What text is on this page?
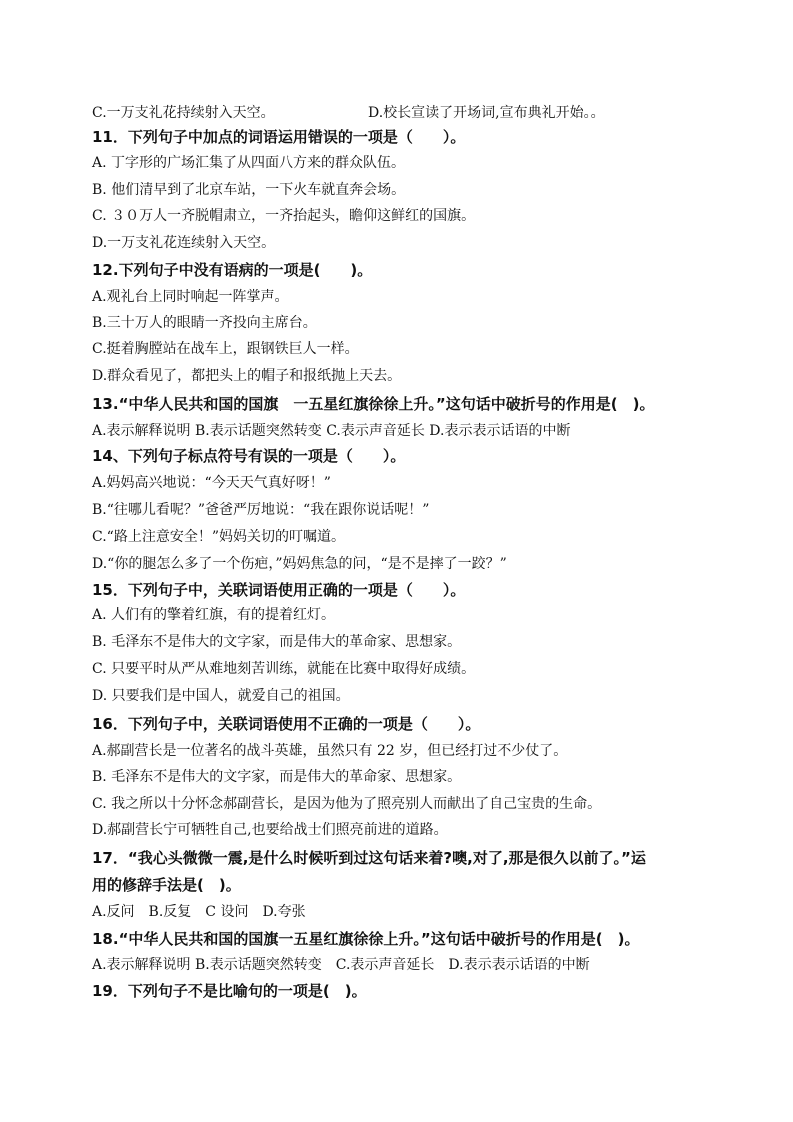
C.一万支礼花持续射入天空。	D.校长宣读了开场词,宣布典礼开始。。
11．下列句子中加点的词语运用错误的一项是（　　）。
A. 丁字形的广场汇集了从四面八方来的群众队伍。
B. 他们清早到了北京车站，一下火车就直奔会场。
C. ３０万人一齐脱帽肃立，一齐抬起头，瞻仰这鲜红的国旗。
D.一万支礼花连续射入天空。
12.下列句子中没有语病的一项是(　　)。
A.观礼台上同时响起一阵掌声。
B.三十万人的眼睛一齐投向主席台。
C.挺着胸膛站在战车上，跟钢铁巨人一样。
D.群众看见了，都把头上的帽子和报纸抛上天去。
13.“中华人民共和国的国旗　一五星红旗徐徐上升。”这句话中破折号的作用是(　)。
A.表示解释说明 B.表示话题突然转变 C.表示声音延长 D.表示表示话语的中断
14、下列句子标点符号有误的一项是（　　）。
A.妈妈高兴地说：“今天天气真好呀！”
B.“往哪儿看呢？”爸爸严厉地说：“我在跟你说话呢！”
C.“路上注意安全！”妈妈关切的叮嘱道。
D.“你的腿怎么多了一个伤疤，”妈妈焦急的问，“是不是摔了一跤？”
15．下列句子中，关联词语使用正确的一项是（　　）。
A. 人们有的擎着红旗，有的提着红灯。
B. 毛泽东不是伟大的文字家，而是伟大的革命家、思想家。
C. 只要平时从严从难地刻苦训练，就能在比赛中取得好成绩。
D. 只要我们是中国人，就爱自己的祖国。
16．下列句子中，关联词语使用不正确的一项是（　　）。
A.郝副营长是一位著名的战斗英雄，虽然只有 22 岁，但已经打过不少仗了。
B. 毛泽东不是伟大的文字家，而是伟大的革命家、思想家。
C. 我之所以十分怀念郝副营长，是因为他为了照亮别人而献出了自己宝贵的生命。
D.郝副营长宁可牺牲自己,也要给战士们照亮前进的道路。
17．“我心头微微一震,是什么时候听到过这句话来着?噢,对了,那是很久以前了。”运
用的修辞手法是(　)。
A.反问　B.反复　C 设问　D.夸张
18.“中华人民共和国的国旗一五星红旗徐徐上升。”这句话中破折号的作用是(　)。
A.表示解释说明 B.表示话题突然转变　C.表示声音延长　D.表示表示话语的中断
19．下列句子不是比喻句的一项是(　)。
